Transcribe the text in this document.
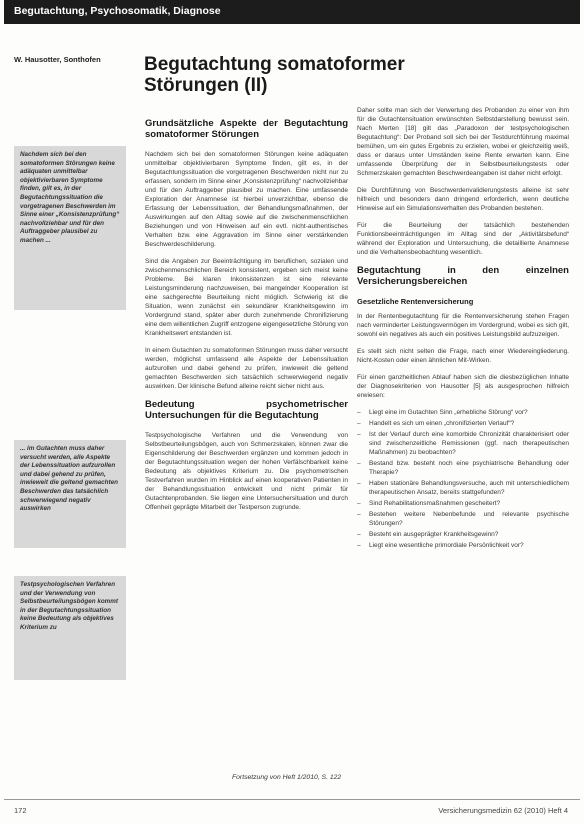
Begutachtung, Psychosomatik, Diagnose
W. Hausotter, Sonthofen Begutachtung somatoformer Störungen (II)
Nachdem sich bei den somatoformen Störungen keine adäquaten unmittelbar objektivierbaren Symptome finden, gilt es, in der Begutachtungssituation die vorgetragenen Beschwerden im Sinne einer „Konsistenzprüfung“ nachvollziehbar und für den Auftraggeber plausibel zu machen ...
... im Gutachten muss daher versucht werden, alle Aspekte der Lebenssituation aufzurollen und dabei gehend zu prüfen, inwieweit die geltend gemachten Beschwerden das tatsächlich schwerwiegend negativ auswirken
Testpsychologischen Verfahren und der Verwendung von Selbstbeurteilungsbögen kommt in der Begutachtungssituation keine Bedeutung als objektives Kriterium zu
Grundsätzliche Aspekte der Begutachtung somatoformer Störungen

Nachdem sich bei den somatoformen Störungen keine adäquaten unmittelbar objektivierbaren Symptome finden, gilt es, in der Begutachtungssituation die vorgetragenen Beschwerden nicht nur zu erfassen, sondern im Sinne einer „Konsistenzprüfung“ nachvollziehbar und für den Auftraggeber plausibel zu machen. Eine umfassende Exploration der Anamnese ist hierbei unverzichtbar, ebenso die Erfassung der Lebenssituation, der Behandlungsmaßnahmen, der Auswirkungen auf den Alltag sowie auf die zwischenmenschlichen Beziehungen und von Hinweisen auf ein evtl. nicht-authentisches Verhalten bzw. eine Aggravation im Sinne einer verstärkenden Beschwerdeschilderung.

Sind die Angaben zur Beeinträchtigung im beruflichen, sozialen und zwischenmenschlichen Bereich konsistent, ergeben sich meist keine Probleme. Bei klaren Inkonsistenzen ist eine relevante Leistungsminderung nachzuweisen, bei mangelnder Kooperation ist eine sachgerechte Beurteilung nicht möglich. Schwierig ist die Situation, wenn zunächst ein sekundärer Krankheitsgewinn im Vordergrund stand, später aber durch zunehmende Chronifizierung eine dem willentlichen Zugriff entzogene eigengesetzliche Störung von Krankheitswert entstanden ist.

In einem Gutachten zu somatoformen Störungen muss daher versucht werden, möglichst umfassend alle Aspekte der Lebenssituation aufzurollen und dabei gehend zu prüfen, inwieweit die geltend gemachten Beschwerden sich tatsächlich schwerwiegend negativ auswirken. Der klinische Befund alleine reicht sicher nicht aus.

Bedeutung psychometrischer Untersuchungen für die Begutachtung

Testpsychologische Verfahren und die Verwendung von Selbstbeurteilungsbögen, auch von Schmerzskalen, können zwar die Eigenschilderung der Beschwerden ergänzen und kommen jedoch in der Begutachtungssituation wegen der hohen Verfälschbarkeit keine Bedeutung als objektives Kriterium zu. Die psychometrischen Testverfahren wurden im Hinblick auf einen kooperativen Patienten in der Behandlungssituation entwickelt und nicht primär für Gutachtenprobanden. Sie liegen eine Untersuchersituation und durch Offenheit geprägte Mitarbeit der Testperson zugrunde.

Daher sollte man sich der Verwertung des Probanden zu einer von ihm für die Gutachtensituation erwünschten Selbstdarstellung bewusst sein. Nach Merten [18] gilt das „Paradoxon der testpsychologischen Begutachtung“: Der Proband soll sich bei der Testdurchführung maximal bemühen, um ein gutes Ergebnis zu erzielen, wobei er gleichzeitig weiß, dass er daraus unter Umständen keine Rente erwarten kann. Eine umfassende Überprüfung der in Selbstbeurteilungstests oder Schmerzskalen gemachten Beschwerdeangaben ist daher nicht erfolgt.

Die Durchführung von Beschwerdenvalidierungstests alleine ist sehr hilfreich und besonders dann dringend erforderlich, wenn deutliche Hinweise auf ein Simulationsverhalten des Probanden bestehen.

Für die Beurteilung der tatsächlich bestehenden Funktionsbeeinträchtigungen im Alltag sind der „Aktivitätsbefund“ während der Exploration und Untersuchung, die detaillierte Anamnese und die Verhaltensbeobachtung wesentlich.

Begutachtung in den einzelnen Versicherungsbereichen
Gesetzliche Rentenversicherung

In der Rentenbegutachtung für die Rentenversicherung stehen Fragen nach verminderter Leistungsvermögen im Vordergrund, wobei es sich gilt, sowohl ein negatives als auch ein positives Leistungsbild aufzuzeigen.

Es stellt sich nicht selten die Frage, nach einer Wiedereingliederung. Nicht-Kosten oder einen ähnlichen Mit-Wirken.

Für einen ganzheitlichen Ablauf haben sich die diesbezüglichen Inhalte der Diagnosekriterien von Hausotter [5] als ausgesprochen hilfreich erwiesen:

– Liegt eine im Gutachten Sinn „erhebliche Störung“ vor?
– Handelt es sich um einen „chronifizierten Verlauf“?
– Ist der Verlauf durch eine komorbide Chronizität charakterisiert oder sind zwischenzeitliche Remissionen (ggf. nach therapeutischen Maßnahmen) zu beobachten?
– Bestand bzw. besteht noch eine psychiatrische Behandlung oder Therapie?
– Haben stationäre Behandlungsversuche, auch mit unterschiedlichem therapeutischen Ansatz, bereits stattgefunden?
– Sind Rehabilitationsmaßnahmen gescheitert?
– Bestehen weitere Nebenbefunde und relevante psychische Störungen?
– Besteht ein ausgeprägter Krankheitsgewinn?
– Liegt eine wesentliche primordiale Persönlichkeit vor?
Fortsetzung von Heft 1/2010, S. 122
172	Versicherungsmedizin 62 (2010) Heft 4
